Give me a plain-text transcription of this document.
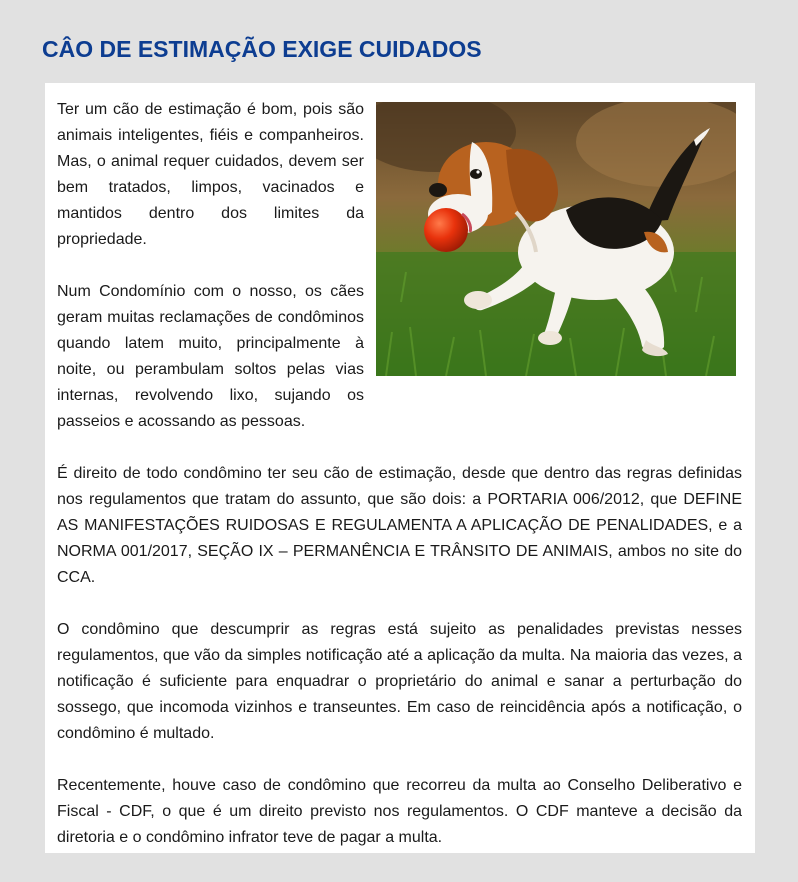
CÂO DE ESTIMAÇÃO EXIGE CUIDADOS

Ter um cão de estimação é bom, pois são animais inteligentes, fiéis e companheiros. Mas, o animal requer cuidados, devem ser bem tratados, limpos, vacinados e mantidos dentro dos limites da propriedade.

Num Condomínio com o nosso, os cães geram muitas reclamações de condôminos quando latem muito, principalmente à noite, ou perambulam soltos pelas vias internas, revolvendo lixo, sujando os passeios e acossando as pessoas.

É direito de todo condômino ter seu cão de estimação, desde que dentro das regras definidas nos regulamentos que tratam do assunto, que são dois: a PORTARIA 006/2012, que DEFINE AS MANIFESTAÇÕES RUIDOSAS E REGULAMENTA A APLICAÇÃO DE PENALIDADES, e a NORMA 001/2017, SEÇÃO IX – PERMANÊNCIA E TRÂNSITO DE ANIMAIS, ambos no site do CCA.

O condômino que descumprir as regras está sujeito as penalidades previstas nesses regulamentos, que vão da simples notificação até a aplicação da multa. Na maioria das vezes, a notificação é suficiente para enquadrar o proprietário do animal e sanar a perturbação do sossego, que incomoda vizinhos e transeuntes. Em caso de reincidência após a notificação, o condômino é multado.

Recentemente, houve caso de condômino que recorreu da multa ao Conselho Deliberativo e Fiscal - CDF, o que é um direito previsto nos regulamentos. O CDF manteve a decisão da diretoria e o condômino infrator teve de pagar a multa.
